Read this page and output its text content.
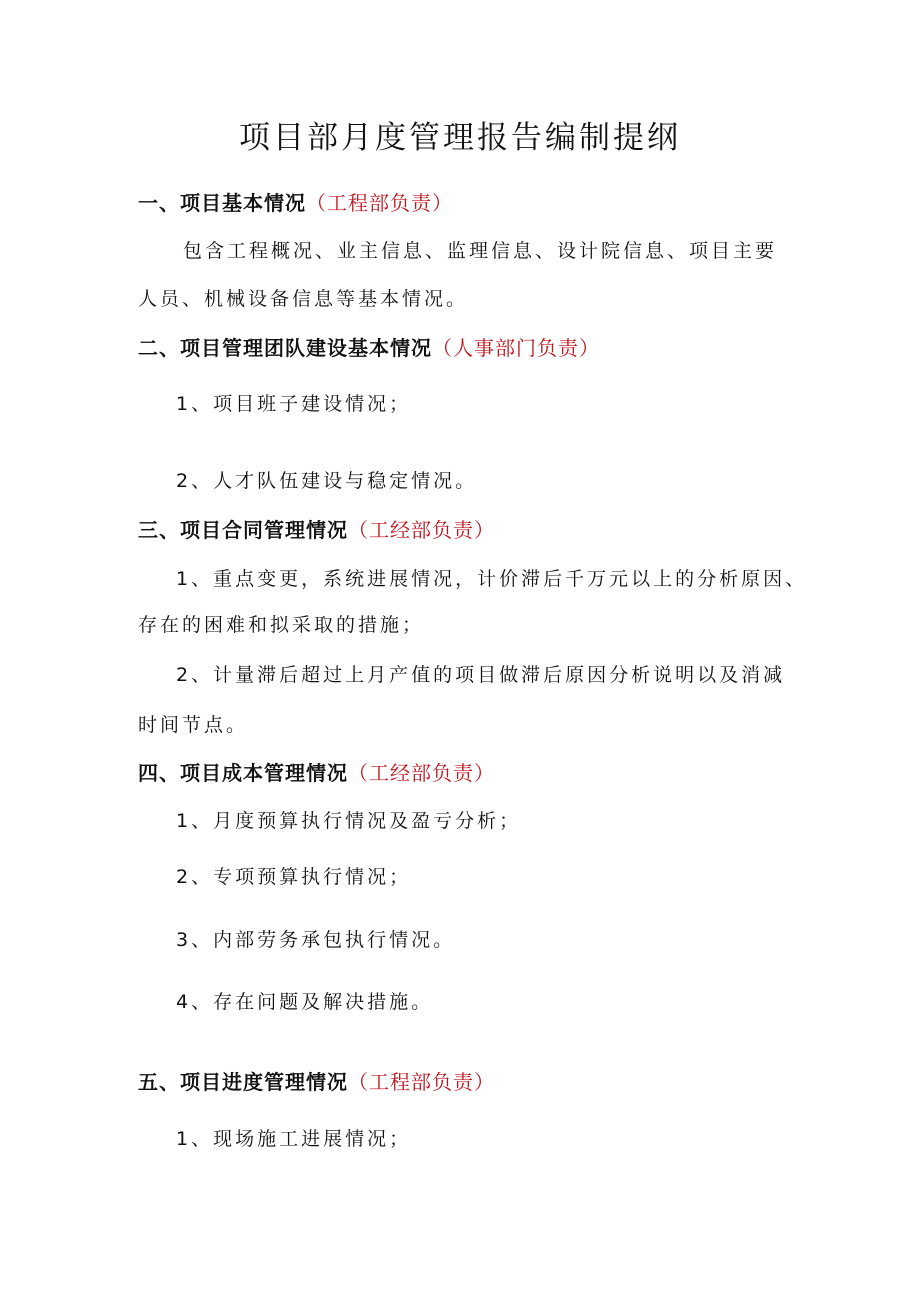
项目部月度管理报告编制提纲
一、项目基本情况（工程部负责）
包含工程概况、业主信息、监理信息、设计院信息、项目主要
人员、机械设备信息等基本情况。
二、项目管理团队建设基本情况（人事部门负责）
1、项目班子建设情况；
2、人才队伍建设与稳定情况。
三、项目合同管理情况（工经部负责）
1、重点变更，系统进展情况，计价滞后千万元以上的分析原因、
存在的困难和拟采取的措施；
2、计量滞后超过上月产值的项目做滞后原因分析说明以及消减
时间节点。
四、项目成本管理情况（工经部负责）
1、月度预算执行情况及盈亏分析；
2、专项预算执行情况；
3、内部劳务承包执行情况。
4、存在问题及解决措施。
五、项目进度管理情况（工程部负责）
1、现场施工进展情况；
